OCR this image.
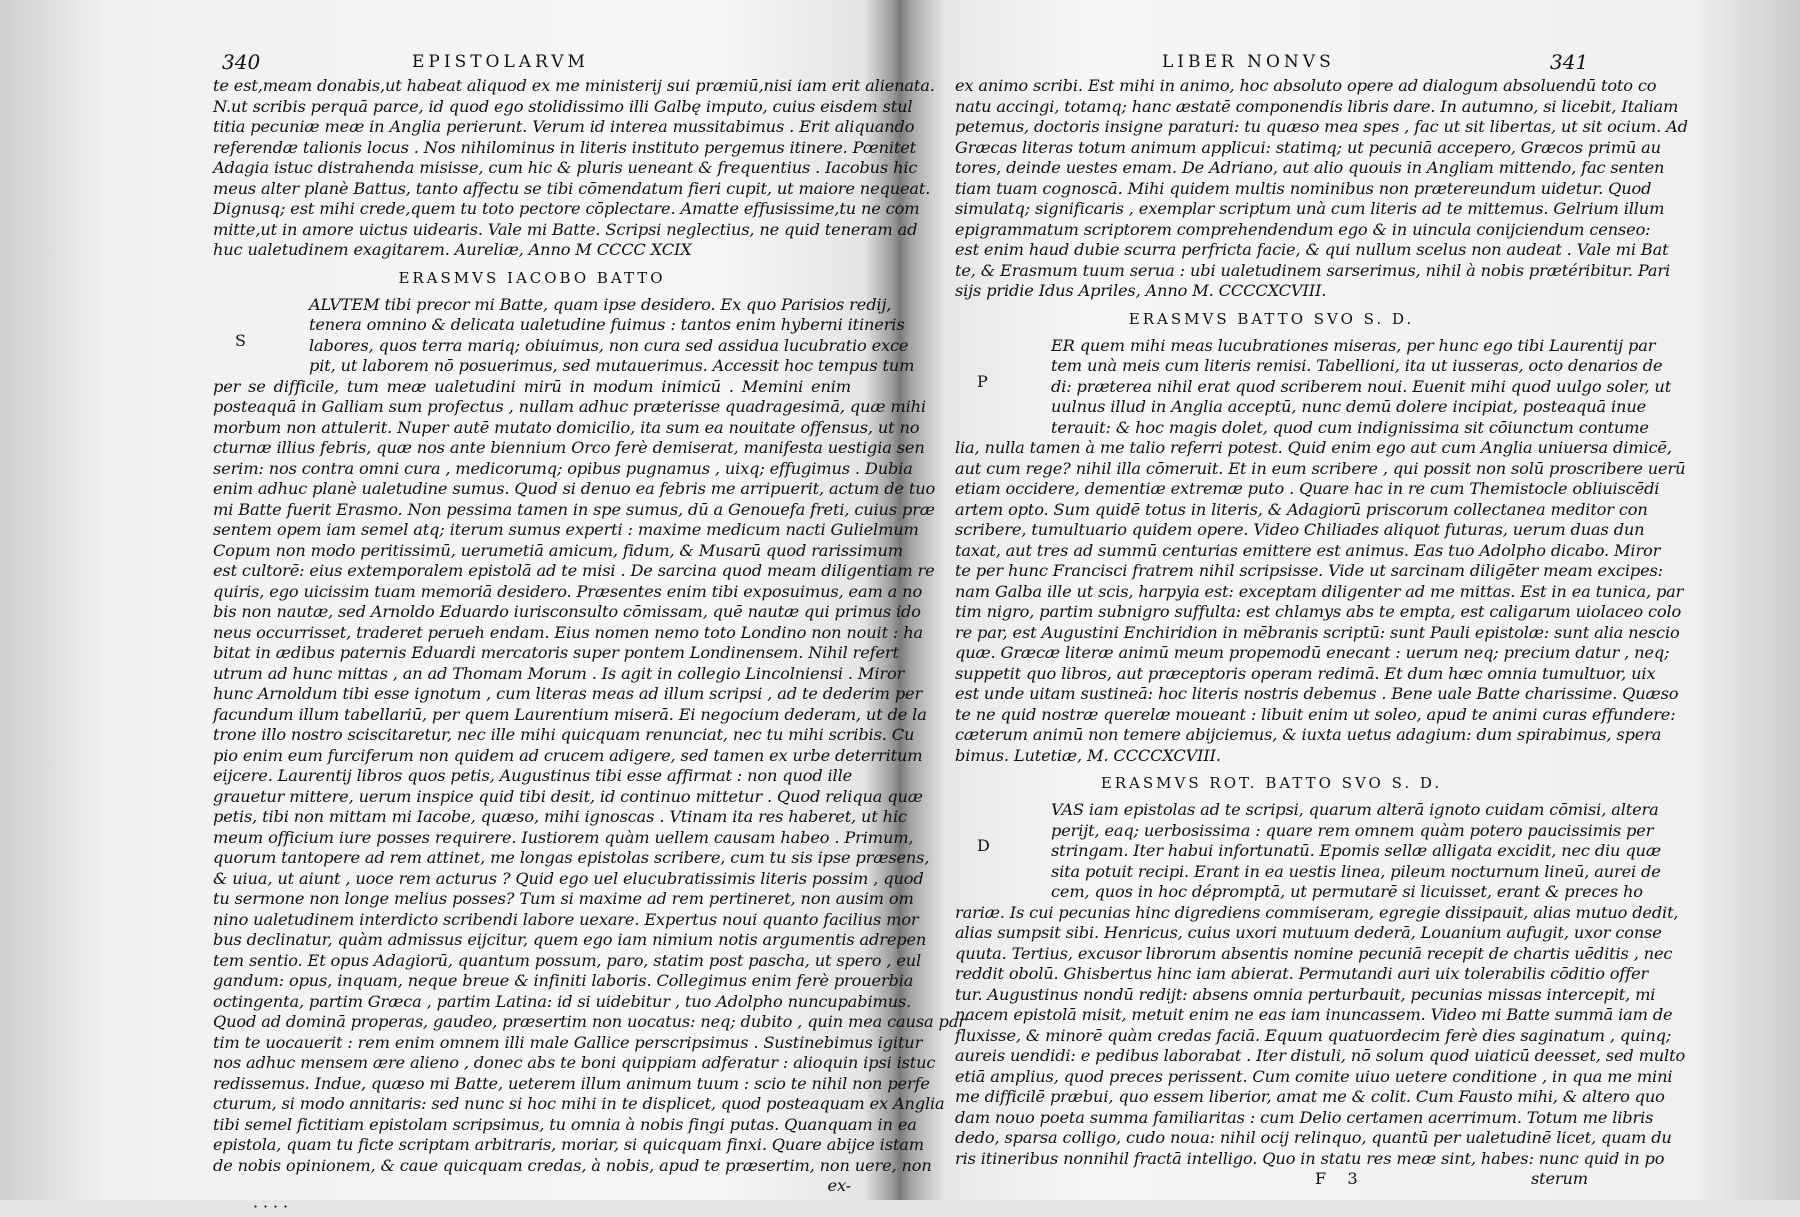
340	EPISTOLARVM
te est,meam donabis,ut habeat aliquod ex me ministerij sui præmiū,nisi iam erit alienata.
N.ut scribis perquā parce, id quod ego stolidissimo illi Galbę imputo, cuius eisdem stul
titia pecuniæ meæ in Anglia perierunt. Verum id interea mussitabimus . Erit aliquando
referendæ talionis locus . Nos nihilominus in literis instituto pergemus itinere. Pœnitet
Adagia istuc distrahenda misisse, cum hic & pluris ueneant & frequentius . Iacobus hic
meus alter planè Battus, tanto affectu se tibi cōmendatum fieri cupit, ut maiore nequeat.
Dignusq; est mihi crede,quem tu toto pectore cōplectare. Amatte effusissime,tu ne com
mitte,ut in amore uictus uidearis. Vale mi Batte. Scripsi neglectius, ne quid teneram ad
huc ualetudinem exagitarem. Aureliæ, Anno M CCCC XCIX
ERASMVS IACOBO BATTO
ALVTEM tibi precor mi Batte, quam ipse desidero. Ex quo Parisios redij,
tenera omnino & delicata ualetudine fuimus : tantos enim hyberni itineris
labores, quos terra mariq; obiuimus, non cura sed assidua lucubratio exce
pit, ut laborem nō posuerimus, sed mutauerimus. Accessit hoc tempus tum
per se difficile, tum meæ ualetudini mirū in modum inimicū . Memini enim
posteaquā in Galliam sum profectus , nullam adhuc præterisse quadragesimā, quæ mihi
morbum non attulerit. Nuper autē mutato domicilio, ita sum ea nouitate offensus, ut no
cturnæ illius febris, quæ nos ante biennium Orco ferè demiserat, manifesta uestigia sen
serim: nos contra omni cura , medicorumq; opibus pugnamus , uixq; effugimus . Dubia
enim adhuc planè ualetudine sumus. Quod si denuo ea febris me arripuerit, actum de tuo
mi Batte fuerit Erasmo. Non pessima tamen in spe sumus, dū a Genouefa freti, cuius præ
sentem opem iam semel atq; iterum sumus experti : maxime medicum nacti Gulielmum
Copum non modo peritissimū, uerumetiā amicum, fidum, & Musarū quod rarissimum
est cultorē: eius extemporalem epistolā ad te misi . De sarcina quod meam diligentiam re
quiris, ego uicissim tuam memoriā desidero. Præsentes enim tibi exposuimus, eam a no
bis non nautæ, sed Arnoldo Eduardo iurisconsulto cōmissam, quē nautæ qui primus ido
neus occurrisset, traderet perueh endam. Eius nomen nemo toto Londino non nouit : ha
bitat in ædibus paternis Eduardi mercatoris super pontem Londinensem. Nihil refert
utrum ad hunc mittas , an ad Thomam Morum . Is agit in collegio Lincolniensi . Miror
hunc Arnoldum tibi esse ignotum , cum literas meas ad illum scripsi , ad te dederim per
facundum illum tabellariū, per quem Laurentium miserā. Ei negocium dederam, ut de la
trone illo nostro sciscitaretur, nec ille mihi quicquam renunciat, nec tu mihi scribis. Cu
pio enim eum furciferum non quidem ad crucem adigere, sed tamen ex urbe deterritum
eijcere. Laurentij libros quos petis, Augustinus tibi esse affirmat : non quod ille
grauetur mittere, uerum inspice quid tibi desit, id continuo mittetur . Quod reliqua quæ
petis, tibi non mittam mi Iacobe, quæso, mihi ignoscas . Vtinam ita res haberet, ut hic
meum officium iure posses requirere. Iustiorem quàm uellem causam habeo . Primum,
quorum tantopere ad rem attinet, me longas epistolas scribere, cum tu sis ipse præsens,
& uiua, ut aiunt , uoce rem acturus ? Quid ego uel elucubratissimis literis possim , quod
tu sermone non longe melius posses? Tum si maxime ad rem pertineret, non ausim om
nino ualetudinem interdicto scribendi labore uexare. Expertus noui quanto facilius mor
bus declinatur, quàm admissus eijcitur, quem ego iam nimium notis argumentis adrepen
tem sentio. Et opus Adagiorū, quantum possum, paro, statim post pascha, ut spero , eul
gandum: opus, inquam, neque breue & infiniti laboris. Collegimus enim ferè prouerbia
octingenta, partim Græca , partim Latina: id si uidebitur , tuo Adolpho nuncupabimus.
Quod ad dominā properas, gaudeo, præsertim non uocatus: neq; dubito , quin mea causa par
tim te uocauerit : rem enim omnem illi male Gallice perscripsimus . Sustinebimus igitur
nos adhuc mensem ære alieno , donec abs te boni quippiam adferatur : alioquin ipsi istuc
redissemus. Indue, quæso mi Batte, ueterem illum animum tuum : scio te nihil non perfe
cturum, si modo annitaris: sed nunc si hoc mihi in te displicet, quod posteaquam ex Anglia
tibi semel fictitiam epistolam scripsimus, tu omnia à nobis fingi putas. Quanquam in ea
epistola, quam tu ficte scriptam arbitraris, moriar, si quicquam finxi. Quare abijce istam
de nobis opinionem, & caue quicquam credas, à nobis, apud te præsertim, non uere, non
S
ex-
· · · ·
LIBER NONVS	341
ex animo scribi. Est mihi in animo, hoc absoluto opere ad dialogum absoluendū toto co
natu accingi, totamq; hanc æstatē componendis libris dare. In autumno, si licebit, Italiam
petemus, doctoris insigne paraturi: tu quæso mea spes , fac ut sit libertas, ut sit ocium. Ad
Græcas literas totum animum applicui: statimq; ut pecuniā accepero, Græcos primū au
tores, deinde uestes emam. De Adriano, aut alio quouis in Angliam mittendo, fac senten
tiam tuam cognoscā. Mihi quidem multis nominibus non prætereundum uidetur. Quod
simulatq; significaris , exemplar scriptum unà cum literis ad te mittemus. Gelrium illum
epigrammatum scriptorem comprehendendum ego & in uincula conijciendum censeo:
est enim haud dubie scurra perfricta facie, & qui nullum scelus non audeat . Vale mi Bat
te, & Erasmum tuum serua : ubi ualetudinem sarserimus, nihil à nobis prætéribitur. Pari
sijs pridie Idus Apriles, Anno M. CCCCXCVIII.
ERASMVS BATTO SVO S. D.
ER quem mihi meas lucubrationes miseras, per hunc ego tibi Laurentij par
tem unà meis cum literis remisi. Tabellioni, ita ut iusseras, octo denarios de
di: præterea nihil erat quod scriberem noui. Euenit mihi quod uulgo soler, ut
uulnus illud in Anglia acceptū, nunc demū dolere incipiat, posteaquā inue
terauit: & hoc magis dolet, quod cum indignissima sit cōiunctum contume
lia, nulla tamen à me talio referri potest. Quid enim ego aut cum Anglia uniuersa dimicē,
aut cum rege? nihil illa cōmeruit. Et in eum scribere , qui possit non solū proscribere uerū
etiam occidere, dementiæ extremæ puto . Quare hac in re cum Themistocle obliuiscēdi
artem opto. Sum quidē totus in literis, & Adagiorū priscorum collectanea meditor con
scribere, tumultuario quidem opere. Video Chiliades aliquot futuras, uerum duas dun
taxat, aut tres ad summū centurias emittere est animus. Eas tuo Adolpho dicabo. Miror
te per hunc Francisci fratrem nihil scripsisse. Vide ut sarcinam diligēter meam excipes:
nam Galba ille ut scis, harpyia est: exceptam diligenter ad me mittas. Est in ea tunica, par
tim nigro, partim subnigro suffulta: est chlamys abs te empta, est caligarum uiolaceo colo
re par, est Augustini Enchiridion in mēbranis scriptū: sunt Pauli epistolæ: sunt alia nescio
quæ. Græcæ literæ animū meum propemodū enecant : uerum neq; precium datur , neq;
suppetit quo libros, aut præceptoris operam redimā. Et dum hæc omnia tumultuor, uix
est unde uitam sustineā: hoc literis nostris debemus . Bene uale Batte charissime. Quæso
te ne quid nostræ querelæ moueant : libuit enim ut soleo, apud te animi curas effundere:
cæterum animū non temere abijciemus, & iuxta uetus adagium: dum spirabimus, spera
bimus. Lutetiæ, M. CCCCXCVIII.
P
ERASMVS ROT. BATTO SVO S. D.
VAS iam epistolas ad te scripsi, quarum alterā ignoto cuidam cōmisi, altera
perijt, eaq; uerbosissima : quare rem omnem quàm potero paucissimis per
stringam. Iter habui infortunatū. Epomis sellæ alligata excidit, nec diu quæ
sita potuit recipi. Erant in ea uestis linea, pileum nocturnum lineū, aurei de
cem, quos in hoc dépromptā, ut permutarē si licuisset, erant & preces ho
rariæ. Is cui pecunias hinc digrediens commiseram, egregie dissipauit, alias mutuo dedit,
alias sumpsit sibi. Henricus, cuius uxori mutuum dederā, Louanium aufugit, uxor conse
quuta. Tertius, excusor librorum absentis nomine pecuniā recepit de chartis uēditis , nec
reddit obolū. Ghisbertus hinc iam abierat. Permutandi auri uix tolerabilis cōditio offer
tur. Augustinus nondū redijt: absens omnia perturbauit, pecunias missas intercepit, mi
nacem epistolā misit, metuit enim ne eas iam inuncassem. Video mi Batte summā iam de
fluxisse, & minorē quàm credas faciā. Equum quatuordecim ferè dies saginatum , quinq;
aureis uendidi: e pedibus laborabat . Iter distuli, nō solum quod uiaticū deesset, sed multo
etiā amplius, quod preces perissent. Cum comite uiuo uetere conditione , in qua me mini
me difficilē præbui, quo essem liberior, amat me & colit. Cum Fausto mihi, & altero quo
dam nouo poeta summa familiaritas : cum Delio certamen acerrimum. Totum me libris
dedo, sparsa colligo, cudo noua: nihil ocij relinquo, quantū per ualetudinē licet, quam du
ris itineribus nonnihil fractā intelligo. Quo in statu res meæ sint, habes: nunc quid in po
D
F 3	sterum
